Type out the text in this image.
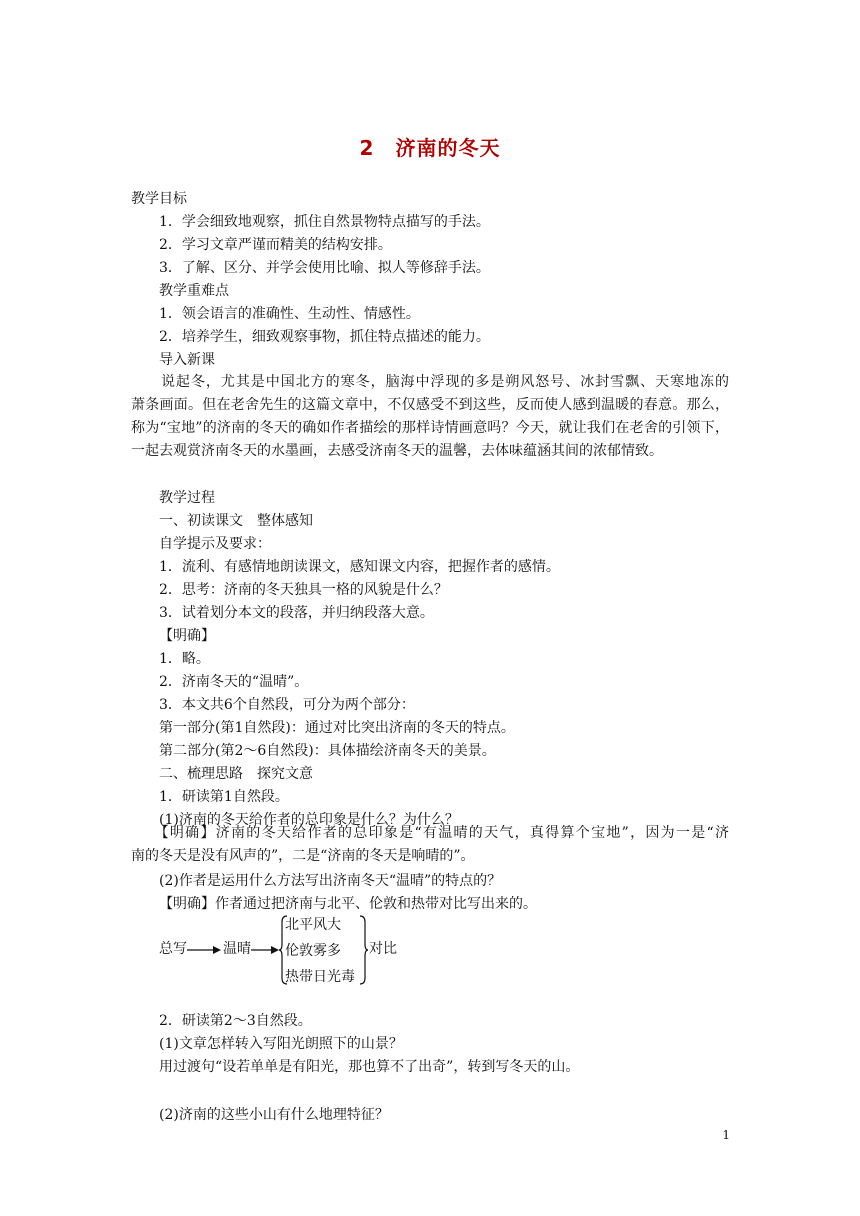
2　济南的冬天
教学目标
1．学会细致地观察，抓住自然景物特点描写的手法。
2．学习文章严谨而精美的结构安排。
3．了解、区分、并学会使用比喻、拟人等修辞手法。
教学重难点
1．领会语言的准确性、生动性、情感性。
2．培养学生，细致观察事物，抓住特点描述的能力。
导入新课
教学过程
一、初读课文　整体感知
自学提示及要求：
1．流利、有感情地朗读课文，感知课文内容，把握作者的感情。
2．思考：济南的冬天独具一格的风貌是什么？
3．试着划分本文的段落，并归纳段落大意。
【明确】
1．略。
2．济南冬天的“温晴”。
3．本文共6个自然段，可分为两个部分：
第一部分(第1自然段)：通过对比突出济南的冬天的特点。
第二部分(第2～6自然段)：具体描绘济南冬天的美景。
二、梳理思路　探究文意
1．研读第1自然段。
(1)济南的冬天给作者的总印象是什么？为什么？
(2)作者是运用什么方法写出济南冬天“温晴”的特点的？
【明确】作者通过把济南与北平、伦敦和热带对比写出来的。
2．研读第2～3自然段。
(1)文章怎样转入写阳光朗照下的山景？
用过渡句“设若单单是有阳光，那也算不了出奇”，转到写冬天的山。
(2)济南的这些小山有什么地理特征？
　　说起冬，尤其是中国北方的寒冬，脑海中浮现的多是朔风怒号、冰封雪飘、天寒地冻的
萧条画面。但在老舍先生的这篇文章中，不仅感受不到这些，反而使人感到温暖的春意。那么，
称为“宝地”的济南的冬天的确如作者描绘的那样诗情画意吗？今天，就让我们在老舍的引领下，
一起去观赏济南冬天的水墨画，去感受济南冬天的温馨，去体味蕴涵其间的浓郁情致。
　　【明确】济南的冬天给作者的总印象是“有温晴的天气，真得算个宝地”，因为一是“济
南的冬天是没有风声的”，二是“济南的冬天是响晴的”。
总写	温晴
北平风大
伦敦雾多
热带日光毒
对比
1
